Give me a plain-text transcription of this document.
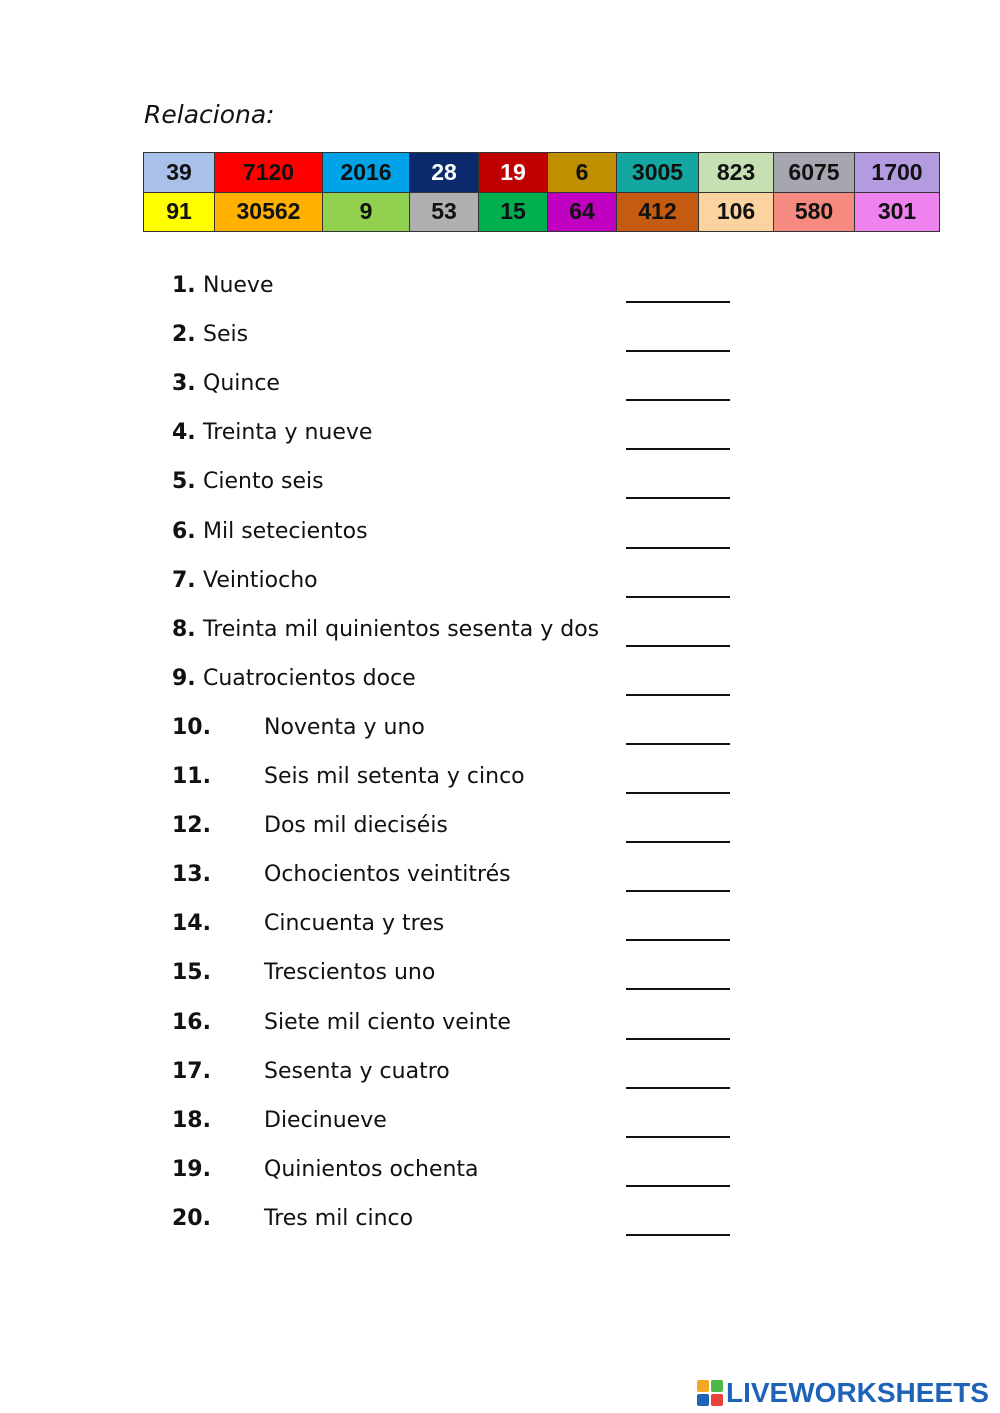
Relaciona:
39	7120	2016	28	19	6	3005	823	6075	1700
91	30562	9	53	15	64	412	106	580	301
1. Nueve
2. Seis
3. Quince
4. Treinta y nueve
5. Ciento seis
6. Mil setecientos
7. Veintiocho
8. Treinta mil quinientos sesenta y dos
9. Cuatrocientos doce
10. Noventa y uno
11. Seis mil setenta y cinco
12. Dos mil dieciséis
13. Ochocientos veintitrés
14. Cincuenta y tres
15. Trescientos uno
16. Siete mil ciento veinte
17. Sesenta y cuatro
18. Diecinueve
19. Quinientos ochenta
20. Tres mil cinco
LIVEWORKSHEETS
